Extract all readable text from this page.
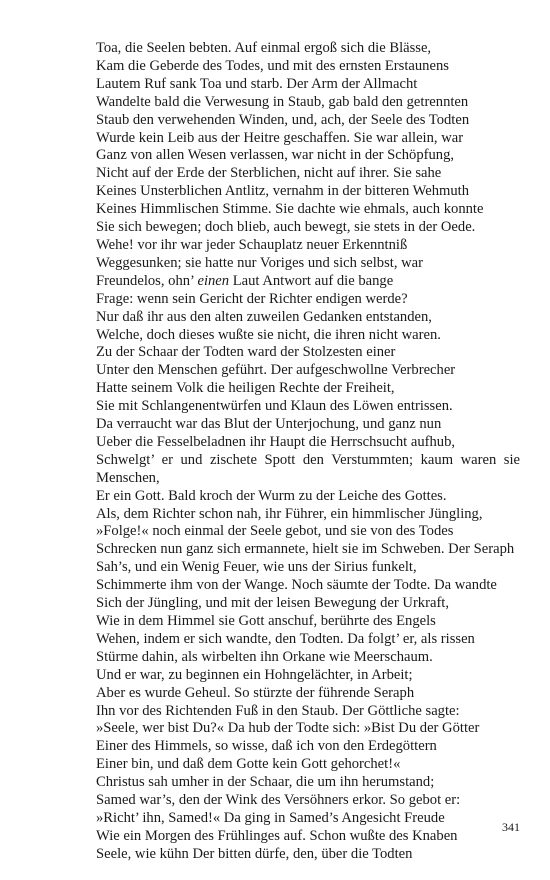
Toa, die Seelen bebten. Auf einmal ergoß sich die Blässe,
Kam die Geberde des Todes, und mit des ernsten Erstaunens
Lautem Ruf sank Toa und starb. Der Arm der Allmacht
Wandelte bald die Verwesung in Staub, gab bald den getrennten
Staub den verwehenden Winden, und, ach, der Seele des Todten
Wurde kein Leib aus der Heitre geschaffen. Sie war allein, war
Ganz von allen Wesen verlassen, war nicht in der Schöpfung,
Nicht auf der Erde der Sterblichen, nicht auf ihrer. Sie sahe
Keines Unsterblichen Antlitz, vernahm in der bitteren Wehmuth
Keines Himmlischen Stimme. Sie dachte wie ehmals, auch konnte
Sie sich bewegen; doch blieb, auch bewegt, sie stets in der Oede.
Wehe! vor ihr war jeder Schauplatz neuer Erkenntniß
Weggesunken; sie hatte nur Voriges und sich selbst, war
Freundelos, ohn’ einen Laut Antwort auf die bange
Frage: wenn sein Gericht der Richter endigen werde?
Nur daß ihr aus den alten zuweilen Gedanken entstanden,
Welche, doch dieses wußte sie nicht, die ihren nicht waren.
Zu der Schaar der Todten ward der Stolzesten einer
Unter den Menschen geführt. Der aufgeschwollne Verbrecher
Hatte seinem Volk die heiligen Rechte der Freiheit,
Sie mit Schlangenentwürfen und Klaun des Löwen entrissen.
Da verraucht war das Blut der Unterjochung, und ganz nun
Ueber die Fesselbeladnen ihr Haupt die Herrschsucht aufhub,
Schwelgt’ er und zischete Spott den Verstummten; kaum waren sie
Menschen,
Er ein Gott. Bald kroch der Wurm zu der Leiche des Gottes.
Als, dem Richter schon nah, ihr Führer, ein himmlischer Jüngling,
»Folge!« noch einmal der Seele gebot, und sie von des Todes
Schrecken nun ganz sich ermannete, hielt sie im Schweben. Der Seraph
Sah’s, und ein Wenig Feuer, wie uns der Sirius funkelt,
Schimmerte ihm von der Wange. Noch säumte der Todte. Da wandte
Sich der Jüngling, und mit der leisen Bewegung der Urkraft,
Wie in dem Himmel sie Gott anschuf, berührte des Engels
Wehen, indem er sich wandte, den Todten. Da folgt’ er, als rissen
Stürme dahin, als wirbelten ihn Orkane wie Meerschaum.
Und er war, zu beginnen ein Hohngelächter, in Arbeit;
Aber es wurde Geheul. So stürzte der führende Seraph
Ihn vor des Richtenden Fuß in den Staub. Der Göttliche sagte:
»Seele, wer bist Du?« Da hub der Todte sich: »Bist Du der Götter
Einer des Himmels, so wisse, daß ich von den Erdegöttern
Einer bin, und daß dem Gotte kein Gott gehorchet!«
Christus sah umher in der Schaar, die um ihn herumstand;
Samed war’s, den der Wink des Versöhners erkor. So gebot er:
»Richt’ ihn, Samed!« Da ging in Samed’s Angesicht Freude
Wie ein Morgen des Frühlinges auf. Schon wußte des Knaben
Seele, wie kühn Der bitten dürfe, den, über die Todten
341
